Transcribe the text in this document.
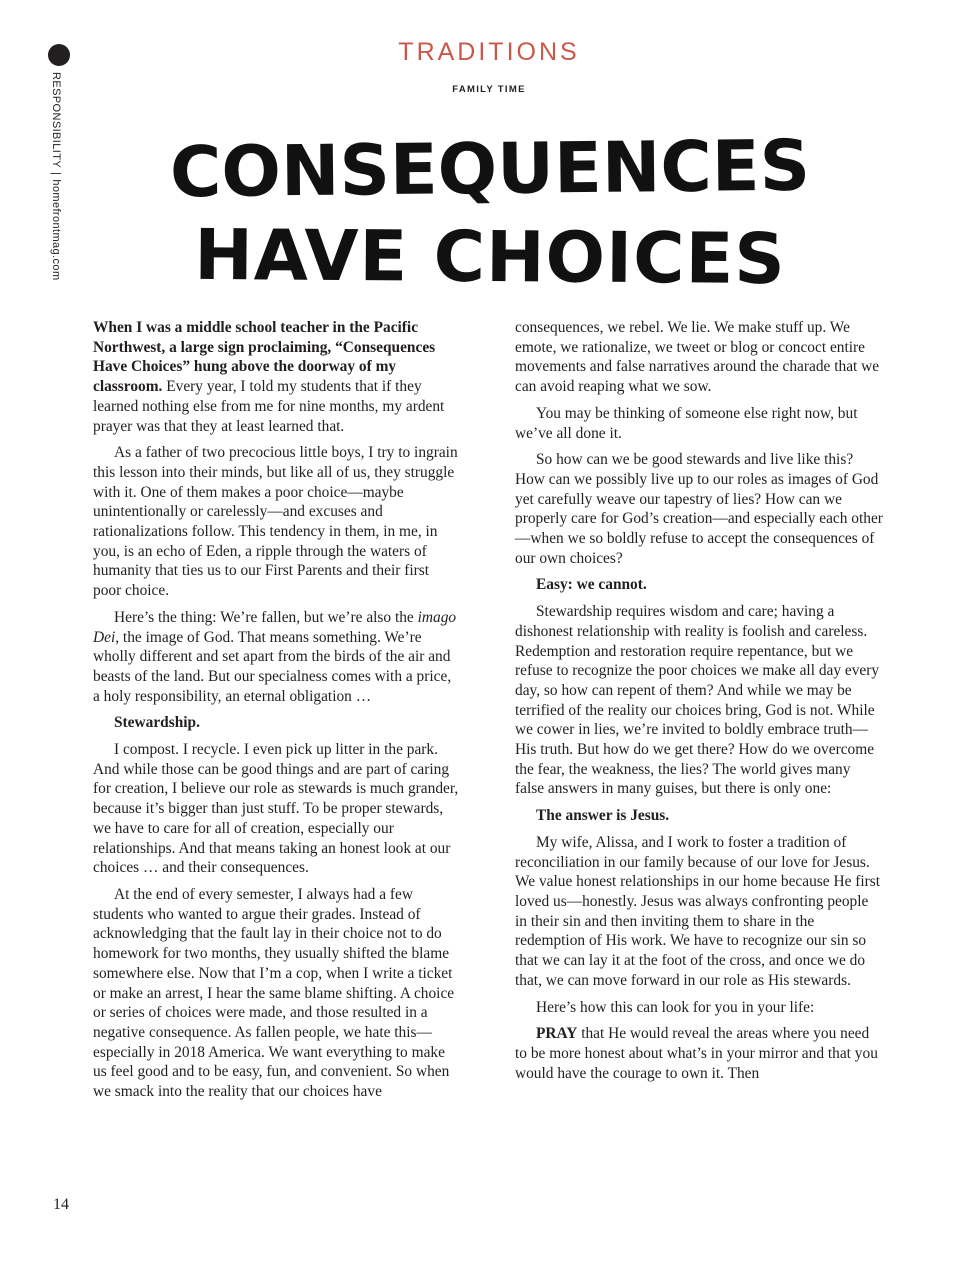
RESPONSIBILITY|homefrontmag.com
TRADITIONS
FAMILY TIME
CONSEQUENCES
HAVE CHOICES

When I was a middle school teacher in the Pacific Northwest, a large sign proclaiming, “Consequences Have Choices” hung above the doorway of my classroom. Every year, I told my students that if they learned nothing else from me for nine months, my ardent prayer was that they at least learned that.

As a father of two precocious little boys, I try to ingrain this lesson into their minds, but like all of us, they struggle with it. One of them makes a poor choice—maybe unintentionally or carelessly—and excuses and rationalizations follow. This tendency in them, in me, in you, is an echo of Eden, a ripple through the waters of humanity that ties us to our First Parents and their first poor choice.

Here’s the thing: We’re fallen, but we’re also the imago Dei, the image of God. That means something. We’re wholly different and set apart from the birds of the air and beasts of the land. But our specialness comes with a price, a holy responsibility, an eternal obligation …

Stewardship.

I compost. I recycle. I even pick up litter in the park. And while those can be good things and are part of caring for creation, I believe our role as stewards is much grander, because it’s bigger than just stuff. To be proper stewards, we have to care for all of creation, especially our relationships. And that means taking an honest look at our choices … and their consequences.

At the end of every semester, I always had a few students who wanted to argue their grades. Instead of acknowledging that the fault lay in their choice not to do homework for two months, they usually shifted the blame somewhere else. Now that I’m a cop, when I write a ticket or make an arrest, I hear the same blame shifting. A choice or series of choices were made, and those resulted in a negative consequence. As fallen people, we hate this—especially in 2018 America. We want everything to make us feel good and to be easy, fun, and convenient. So when we smack into the reality that our choices have

consequences, we rebel. We lie. We make stuff up. We emote, we rationalize, we tweet or blog or concoct entire movements and false narratives around the charade that we can avoid reaping what we sow.

You may be thinking of someone else right now, but we’ve all done it.

So how can we be good stewards and live like this? How can we possibly live up to our roles as images of God yet carefully weave our tapestry of lies? How can we properly care for God’s creation—and especially each other—when we so boldly refuse to accept the consequences of our own choices?

Easy: we cannot.

Stewardship requires wisdom and care; having a dishonest relationship with reality is foolish and careless. Redemption and restoration require repentance, but we refuse to recognize the poor choices we make all day every day, so how can repent of them? And while we may be terrified of the reality our choices bring, God is not. While we cower in lies, we’re invited to boldly embrace truth—His truth. But how do we get there? How do we overcome the fear, the weakness, the lies? The world gives many false answers in many guises, but there is only one:

The answer is Jesus.

My wife, Alissa, and I work to foster a tradition of reconciliation in our family because of our love for Jesus. We value honest relationships in our home because He first loved us—honestly. Jesus was always confronting people in their sin and then inviting them to share in the redemption of His work. We have to recognize our sin so that we can lay it at the foot of the cross, and once we do that, we can move forward in our role as His stewards.

Here’s how this can look for you in your life:

PRAY that He would reveal the areas where you need to be more honest about what’s in your mirror and that you would have the courage to own it. Then

14
